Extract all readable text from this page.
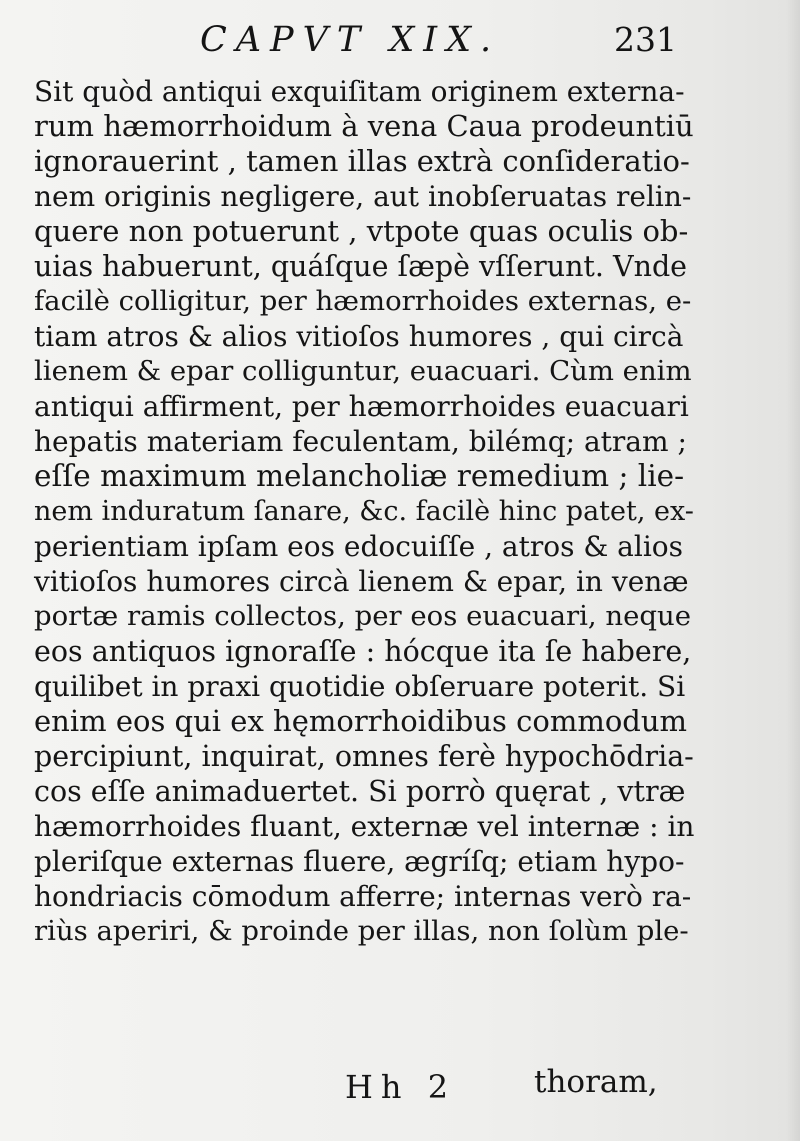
CAPVT XIX.	231
Sit quòd antiqui exquiſitam originem externa-
rum hæmorrhoidum à vena Caua prodeuntiū
ignorauerint , tamen illas extrà conſideratio-
nem originis negligere, aut inobſeruatas relin-
quere non potuerunt , vtpote quas oculis ob-
uias habuerunt, quáſque ſæpè vſſerunt. Vnde
facilè colligitur, per hæmorrhoides externas, e-
tiam atros & alios vitioſos humores , qui circà
lienem & epar colliguntur, euacuari. Cùm enim
antiqui affirment, per hæmorrhoides euacuari
hepatis materiam feculentam, bilémq; atram ;
eſſe maximum melancholiæ remedium ; lie-
nem induratum ſanare, &c. facilè hinc patet, ex-
perientiam ipſam eos edocuiſſe , atros & alios
vitioſos humores circà lienem & epar, in venæ
portæ ramis collectos, per eos euacuari, neque
eos antiquos ignoraſſe : hócque ita ſe habere,
quilibet in praxi quotidie obſeruare poterit. Si
enim eos qui ex hęmorrhoidibus commodum
percipiunt, inquirat, omnes ferè hypochōdria-
cos eſſe animaduertet. Si porrò quęrat , vtræ
hæmorrhoides fluant, externæ vel internæ : in
pleriſque externas fluere, ægríſq; etiam hypo-
hondriacis cōmodum afferre; internas verò ra-
riùs aperiri, & proinde per illas, non ſolùm ple-
Hh 2	thoram,
